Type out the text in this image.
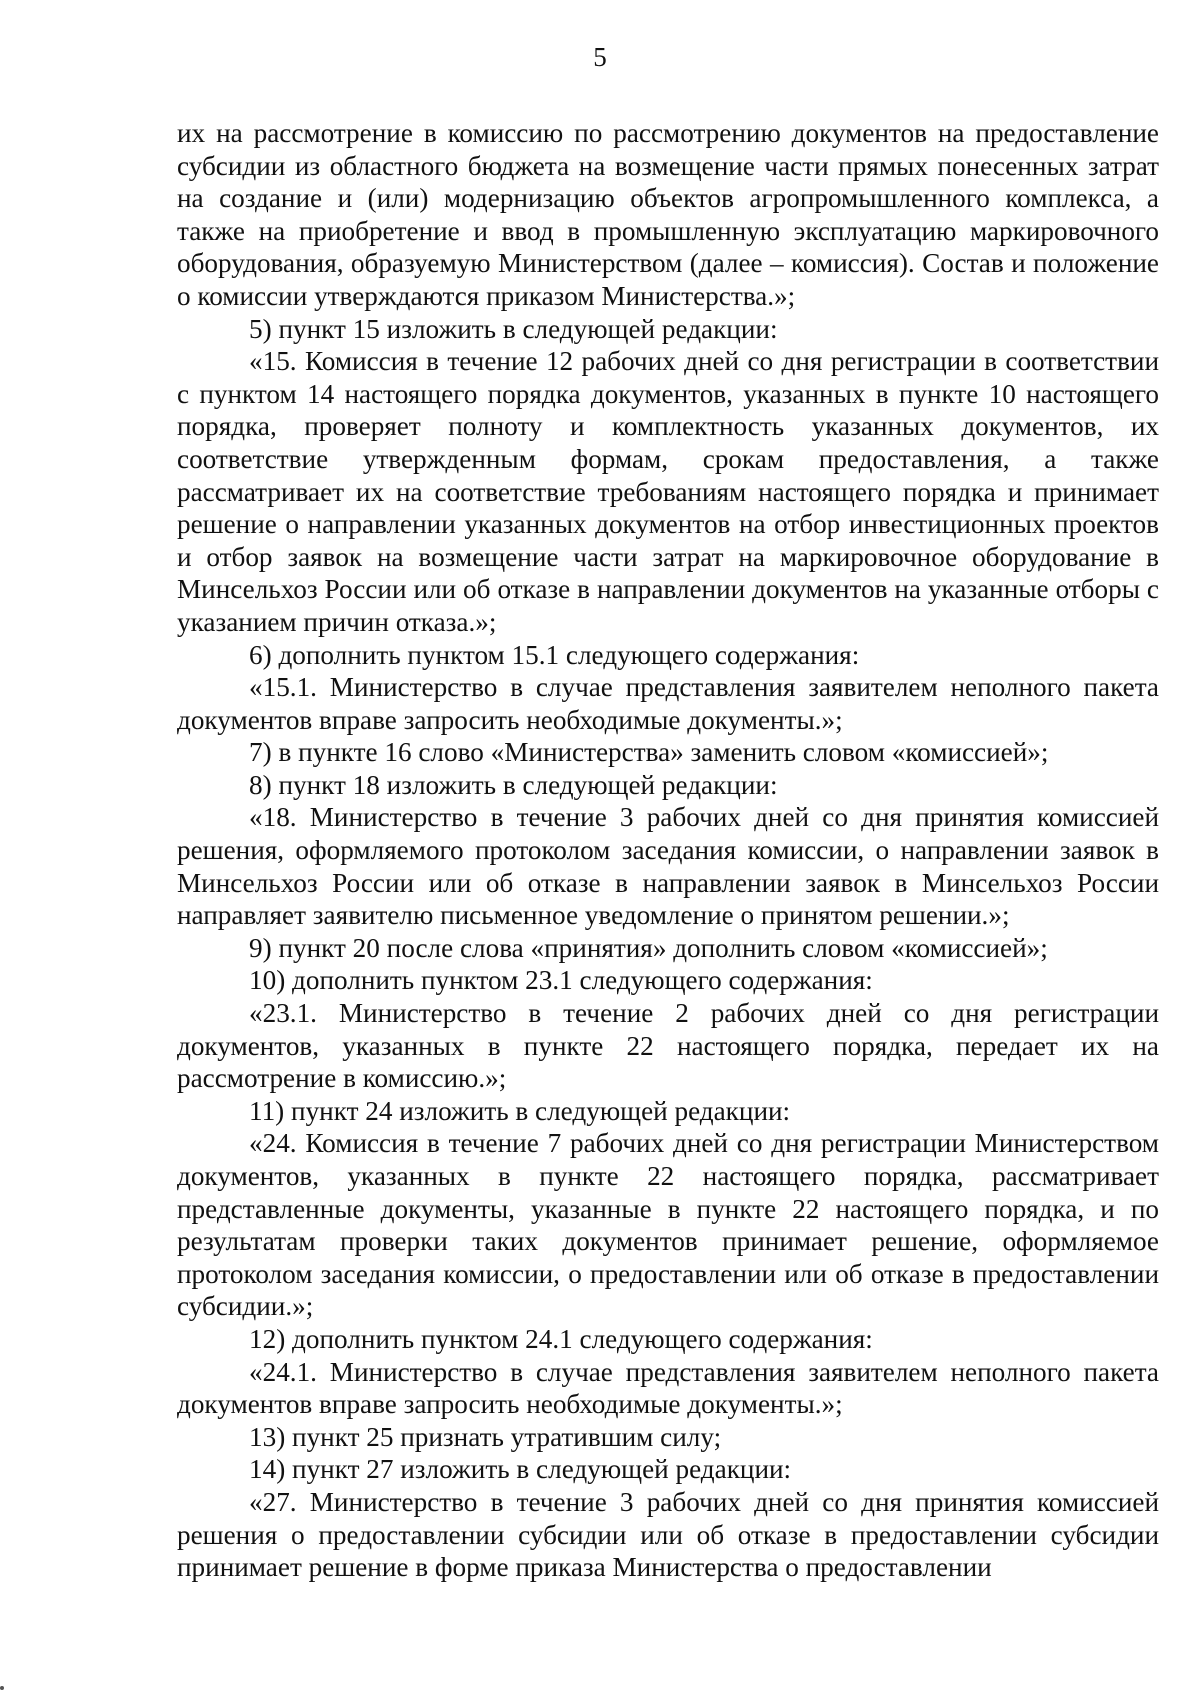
5

их на рассмотрение в комиссию по рассмотрению документов на предоставление субсидии из областного бюджета на возмещение части прямых понесенных затрат на создание и (или) модернизацию объектов агропромышленного комплекса, а также на приобретение и ввод в промышленную эксплуатацию маркировочного оборудования, образуемую Министерством (далее – комиссия). Состав и положение о комиссии утверждаются приказом Министерства.»;

5) пункт 15 изложить в следующей редакции:

«15. Комиссия в течение 12 рабочих дней со дня регистрации в соответствии с пунктом 14 настоящего порядка документов, указанных в пункте 10 настоящего порядка, проверяет полноту и комплектность указанных документов, их соответствие утвержденным формам, срокам предоставления, а также рассматривает их на соответствие требованиям настоящего порядка и принимает решение о направлении указанных документов на отбор инвестиционных проектов и отбор заявок на возмещение части затрат на маркировочное оборудование в Минсельхоз России или об отказе в направлении документов на указанные отборы с указанием причин отказа.»;

6) дополнить пунктом 15.1 следующего содержания:

«15.1. Министерство в случае представления заявителем неполного пакета документов вправе запросить необходимые документы.»;

7) в пункте 16 слово «Министерства» заменить словом «комиссией»;

8) пункт 18 изложить в следующей редакции:

«18. Министерство в течение 3 рабочих дней со дня принятия комиссией решения, оформляемого протоколом заседания комиссии, о направлении заявок в Минсельхоз России или об отказе в направлении заявок в Минсельхоз России направляет заявителю письменное уведомление о принятом решении.»;

9) пункт 20 после слова «принятия» дополнить словом «комиссией»;

10) дополнить пунктом 23.1 следующего содержания:

«23.1. Министерство в течение 2 рабочих дней со дня регистрации документов, указанных в пункте 22 настоящего порядка, передает их на рассмотрение в комиссию.»;

11) пункт 24 изложить в следующей редакции:

«24. Комиссия в течение 7 рабочих дней со дня регистрации Министерством документов, указанных в пункте 22 настоящего порядка, рассматривает представленные документы, указанные в пункте 22 настоящего порядка, и по результатам проверки таких документов принимает решение, оформляемое протоколом заседания комиссии, о предоставлении или об отказе в предоставлении субсидии.»;

12) дополнить пунктом 24.1 следующего содержания:

«24.1. Министерство в случае представления заявителем неполного пакета документов вправе запросить необходимые документы.»;

13) пункт 25 признать утратившим силу;

14) пункт 27 изложить в следующей редакции:

«27. Министерство в течение 3 рабочих дней со дня принятия комиссией решения о предоставлении субсидии или об отказе в предоставлении субсидии принимает решение в форме приказа Министерства о предоставлении
